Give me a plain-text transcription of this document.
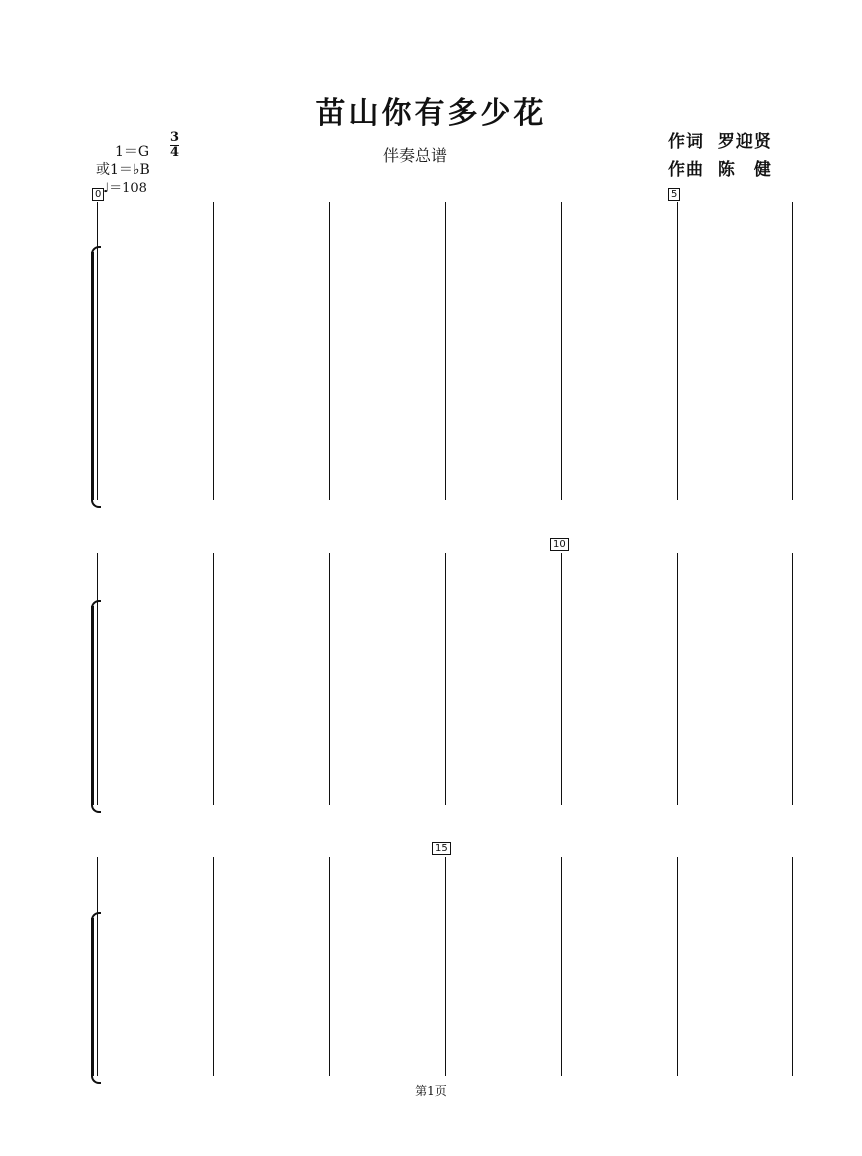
苗山你有多少花
伴奏总谱
作词 罗迎贤
作曲 陈　健
1＝G
或1＝♭B
3
4
♩＝108
0	5
10
15
第1页
